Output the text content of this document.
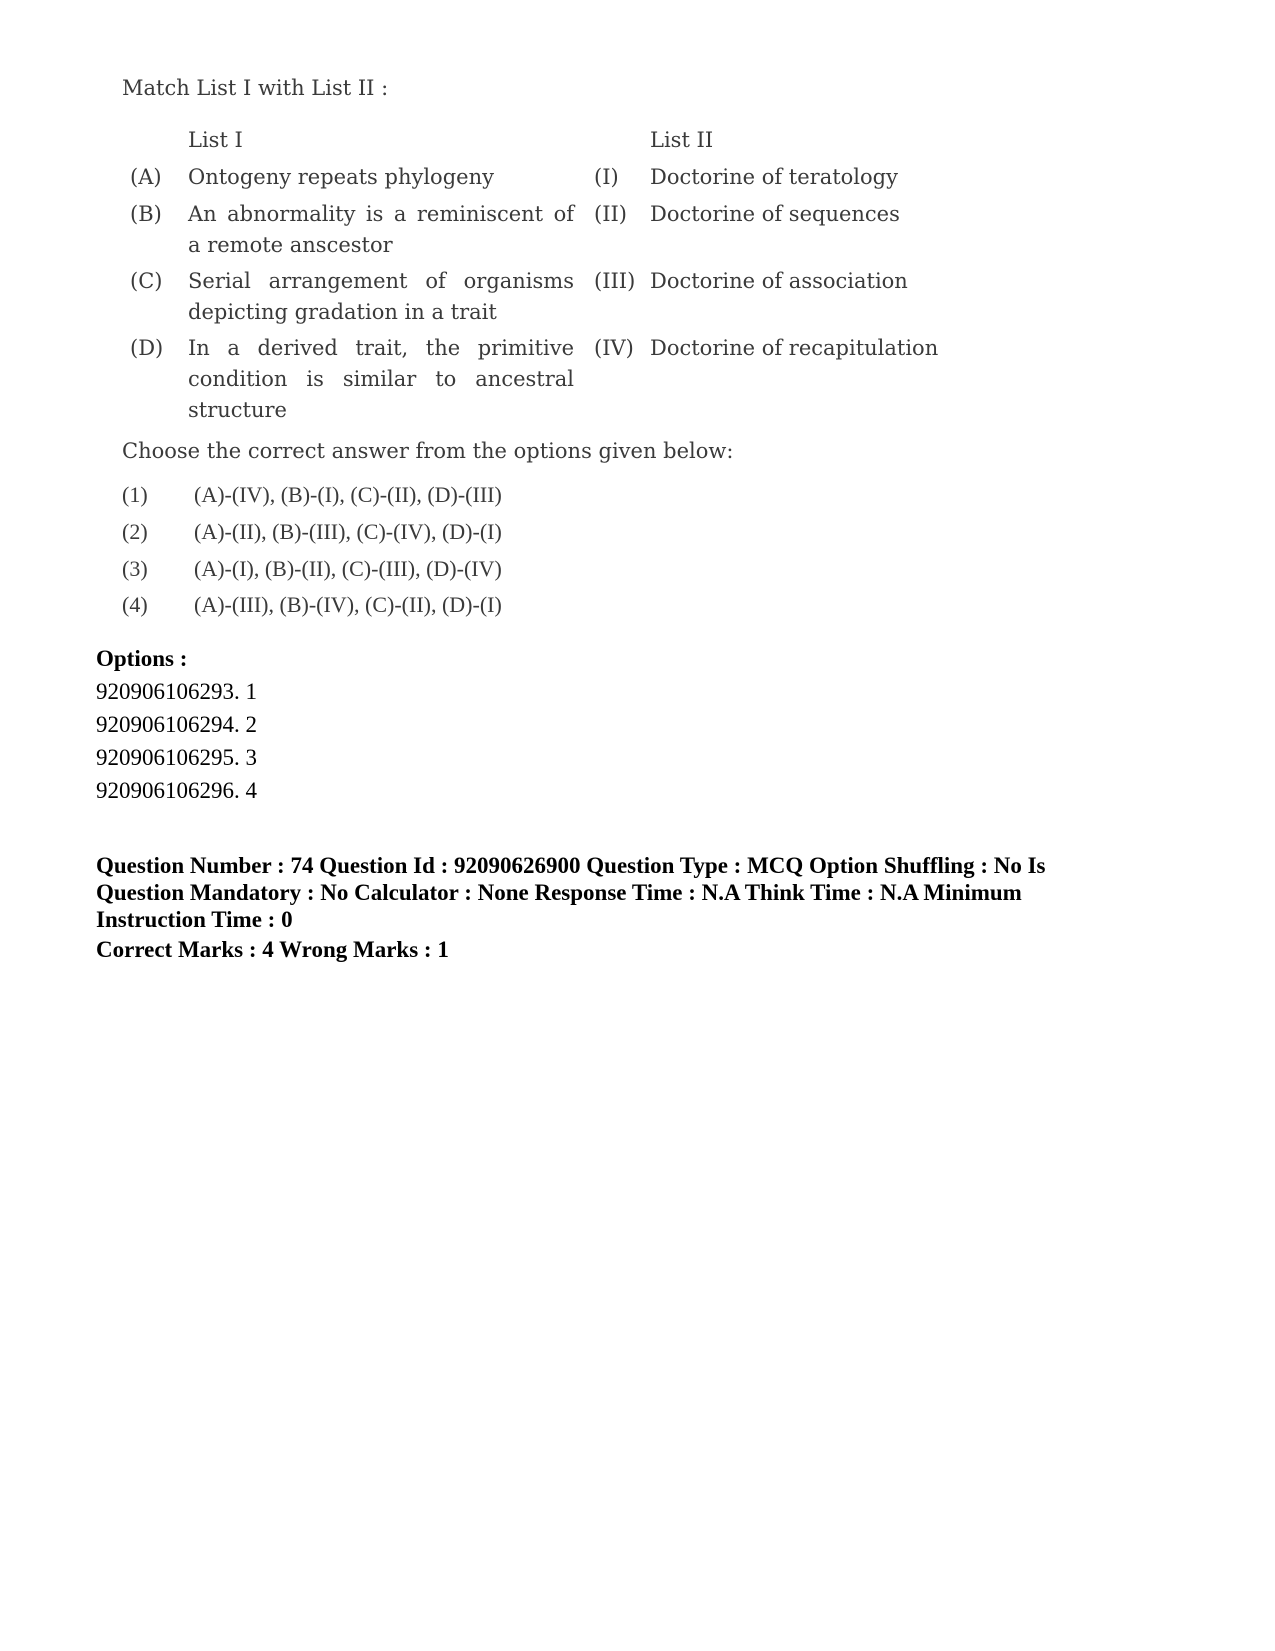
Match List I with List II :
List I	List II
(A) Ontogeny repeats phylogeny	(I) Doctorine of teratology
(B) An abnormality is a reminiscent of a remote anscestor
(II) Doctorine of sequences
(C) Serial arrangement of organisms depicting gradation in a trait
(III) Doctorine of association
(D) In a derived trait, the primitive condition is similar to ancestral structure
(IV) Doctorine of recapitulation
Choose the correct answer from the options given below:
(1) (A)-(IV), (B)-(I), (C)-(II), (D)-(III)
(2) (A)-(II), (B)-(III), (C)-(IV), (D)-(I)
(3) (A)-(I), (B)-(II), (C)-(III), (D)-(IV)
(4) (A)-(III), (B)-(IV), (C)-(II), (D)-(I)
Options :
920906106293. 1
920906106294. 2
920906106295. 3
920906106296. 4
Question Number : 74 Question Id : 92090626900 Question Type : MCQ Option Shuffling : No Is Question Mandatory : No Calculator : None Response Time : N.A Think Time : N.A Minimum Instruction Time : 0
Correct Marks : 4 Wrong Marks : 1
